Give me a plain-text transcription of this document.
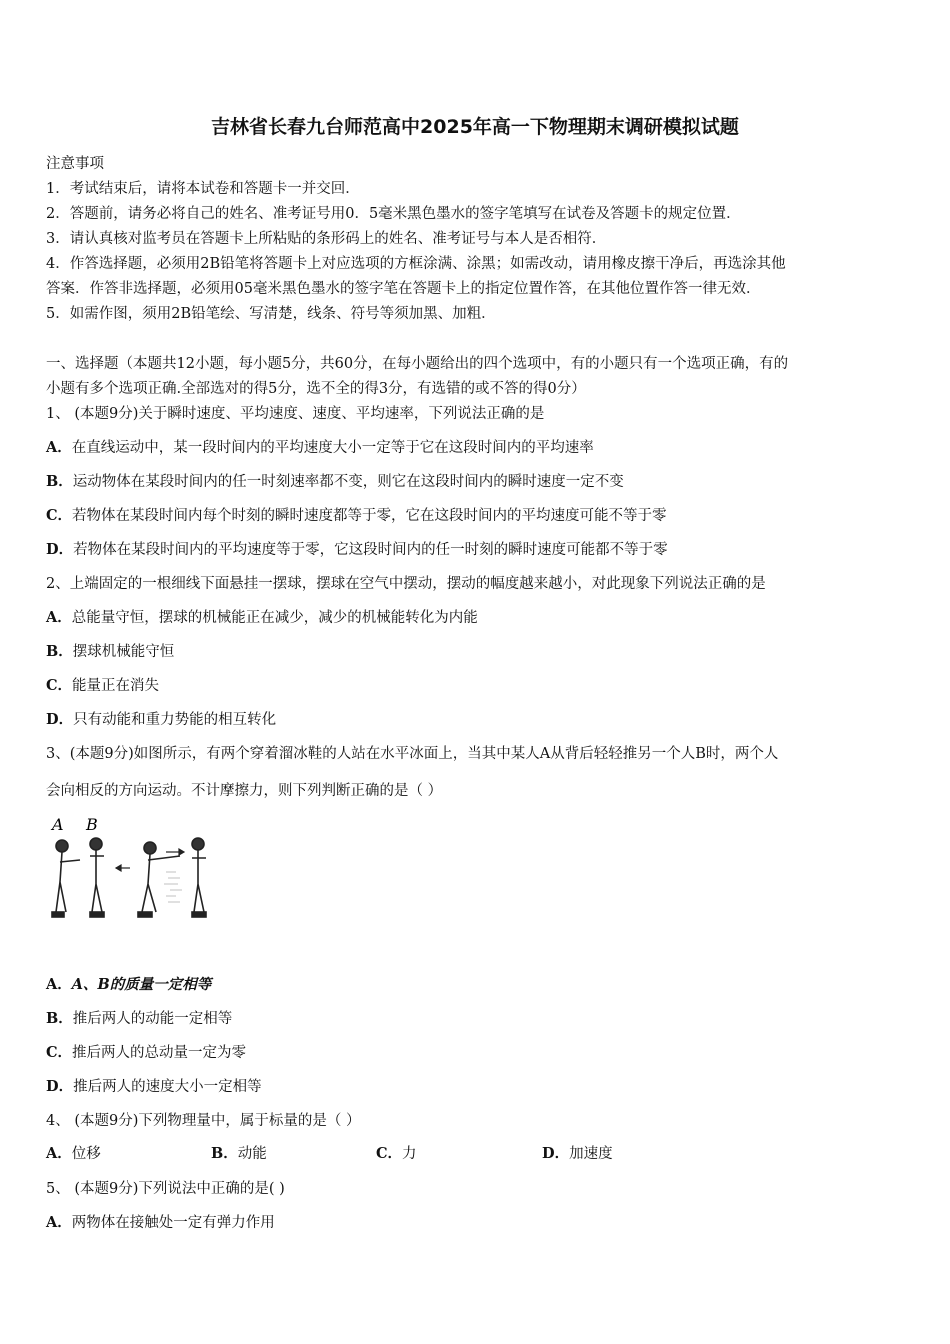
吉林省长春九台师范高中2025年高一下物理期末调研模拟试题
注意事项
1．考试结束后，请将本试卷和答题卡一并交回．
2．答题前，请务必将自己的姓名、准考证号用0．5毫米黑色墨水的签字笔填写在试卷及答题卡的规定位置．
3．请认真核对监考员在答题卡上所粘贴的条形码上的姓名、准考证号与本人是否相符．
4．作答选择题，必须用2B铅笔将答题卡上对应选项的方框涂满、涂黑；如需改动，请用橡皮擦干净后，再选涂其他
答案．作答非选择题，必须用05毫米黑色墨水的签字笔在答题卡上的指定位置作答，在其他位置作答一律无效．
5．如需作图，须用2B铅笔绘、写清楚，线条、符号等须加黑、加粗．
一、选择题（本题共12小题，每小题5分，共60分，在每小题给出的四个选项中，有的小题只有一个选项正确，有的
小题有多个选项正确.全部选对的得5分，选不全的得3分，有选错的或不答的得0分）
1、 (本题9分)关于瞬时速度、平均速度、速度、平均速率，下列说法正确的是
A．在直线运动中，某一段时间内的平均速度大小一定等于它在这段时间内的平均速率
B．运动物体在某段时间内的任一时刻速率都不变，则它在这段时间内的瞬时速度一定不变
C．若物体在某段时间内每个时刻的瞬时速度都等于零，它在这段时间内的平均速度可能不等于零
D．若物体在某段时间内的平均速度等于零，它这段时间内的任一时刻的瞬时速度可能都不等于零
2、上端固定的一根细线下面悬挂一摆球，摆球在空气中摆动，摆动的幅度越来越小，对此现象下列说法正确的是
A．总能量守恒，摆球的机械能正在减少，减少的机械能转化为内能
B．摆球机械能守恒
C．能量正在消失
D．只有动能和重力势能的相互转化
3、(本题9分)如图所示，有两个穿着溜冰鞋的人站在水平冰面上，当其中某人A从背后轻轻推另一个人B时，两个人
会向相反的方向运动。不计摩擦力，则下列判断正确的是（ ）
A B
A．A、B的质量一定相等
B．推后两人的动能一定相等
C．推后两人的总动量一定为零
D．推后两人的速度大小一定相等
4、 (本题9分)下列物理量中，属于标量的是（ ）
A．位移	B．动能	C．力	D．加速度
5、 (本题9分)下列说法中正确的是( )
A．两物体在接触处一定有弹力作用
